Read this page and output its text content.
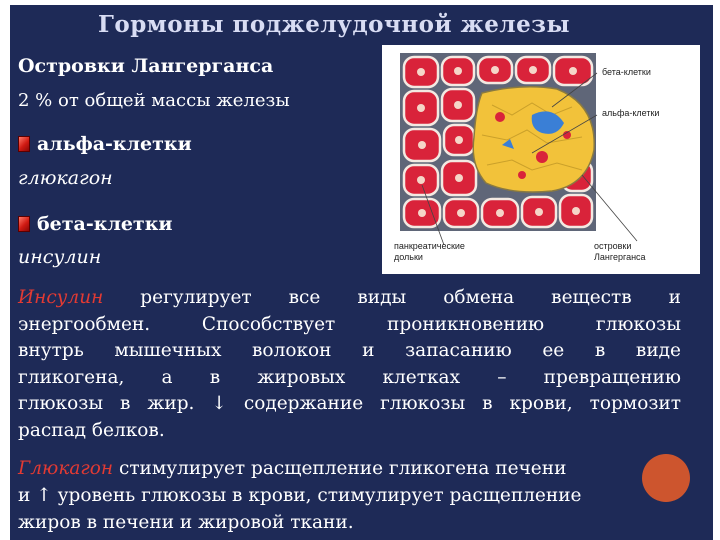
Гормоны поджелудочной железы
Островки Лангерганса
2 % от общей массы железы
альфа-клетки
глюкагон
бета-клетки
инсулин
бета-клетки
альфа-клетки
панкреатические
дольки
островки
Лангерганса
Инсулин регулирует все виды обмена веществ и
энергообмен. Способствует проникновению глюкозы
внутрь мышечных волокон и запасанию ее в виде
гликогена, а в жировых клетках – превращению
глюкозы в жир. ↓ содержание глюкозы в крови, тормозит
распад белков.
Глюкагон стимулирует расщепление гликогена печени
и ↑ уровень глюкозы в крови, стимулирует расщепление
жиров в печени и жировой ткани.
